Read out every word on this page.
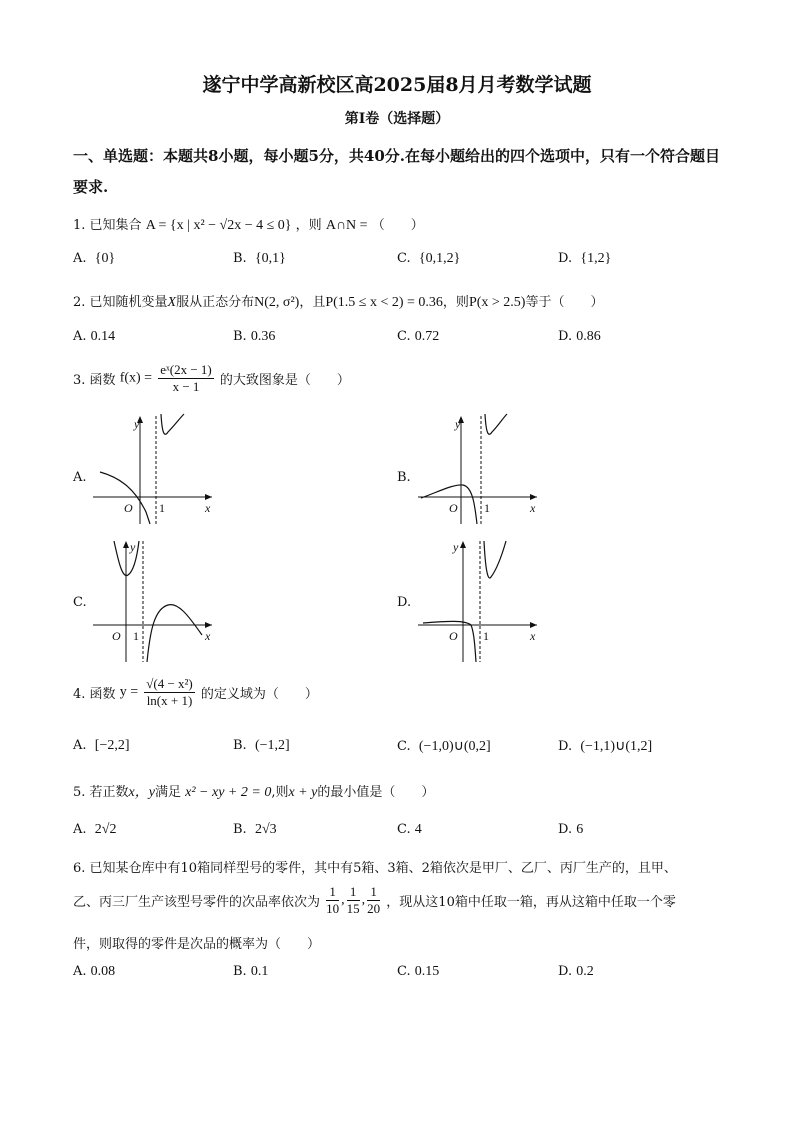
遂宁中学高新校区高2025届8月月考数学试题
第Ⅰ卷（选择题）
一、单选题：本题共8小题，每小题5分，共40分.在每小题给出的四个选项中，只有一个符合题目要求.
1. 已知集合 A = {x | x² − √2x − 4 ≤ 0} ，则 A∩N = （　　）
A. {0}	B. {0,1}	C. {0,1,2}	D. {1,2}
2. 已知随机变量X服从正态分布N(2, σ²)，且P(1.5 ≤ x < 2) = 0.36，则P(x > 2.5)等于（　　）
A. 0.14	B. 0.36	C. 0.72	D. 0.86
3. 函数 $f(x) = \frac{\text{eˣ(2x − 1)}}{x - 1}$ 的大致图象是（　　）
A.
y
O 1	x
B.
y
O 1	x
C.
y
O 1	x
D.
y
O 1	x
4. 函数 $y = \frac{\text{√(4 − x²)}}{\ln(x + 1)}$ 的定义域为（　　）
A. [−2,2]	B. (−1,2]	C. (−1,0)∪(0,2]	D. (−1,1)∪(1,2]
5. 若正数x，y满足 x² − xy + 2 = 0,则x + y的最小值是（　　）
A. 2√2	B. 2√3	C. 4	D. 6
6. 已知某仓库中有10箱同样型号的零件，其中有5箱、3箱、2箱依次是甲厂、乙厂、丙厂生产的，且甲、
乙、丙三厂生产该型号零件的次品率依次为 $\frac{1}{10}$ , $\frac{1}{15}$ , $\frac{1}{20}$ ，现从这10箱中任取一箱，再从这箱中任取一个零
件，则取得的零件是次品的概率为（　　）
A. 0.08	B. 0.1	C. 0.15	D. 0.2
